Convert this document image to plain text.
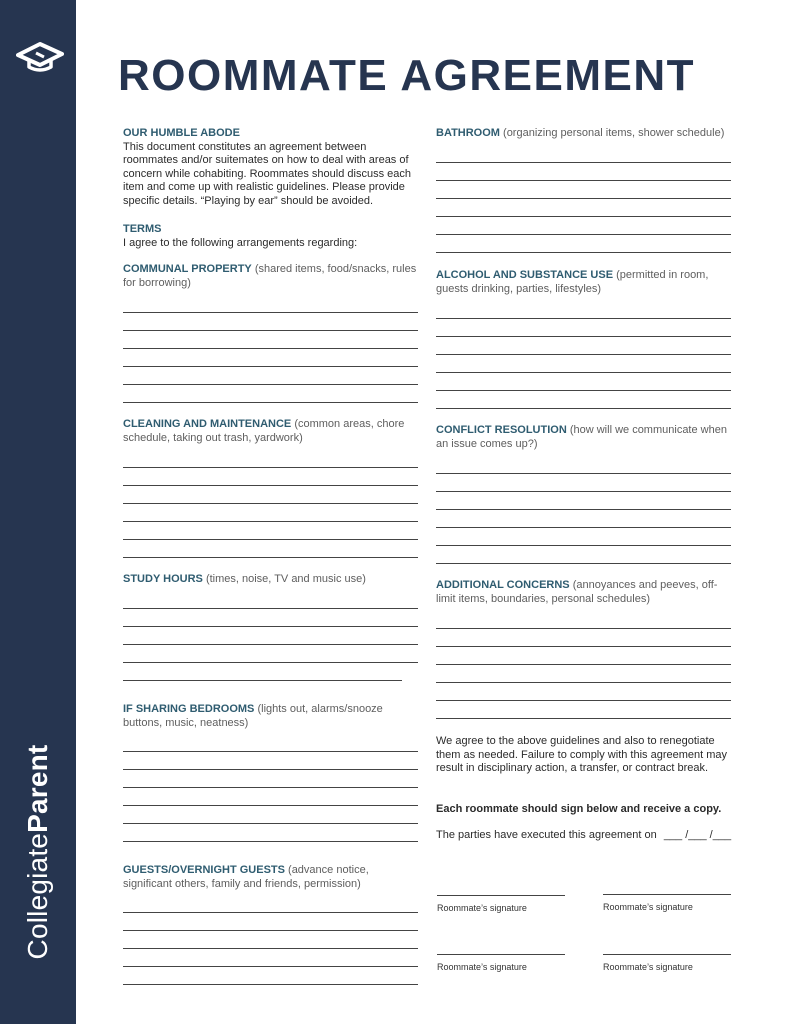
CollegiateParent
ROOMMATE AGREEMENT
OUR HUMBLE ABODE
This document constitutes an agreement between roommates and/or suitemates on how to deal with areas of concern while cohabiting. Roommates should discuss each item and come up with realistic guidelines. Please provide specific details. “Playing by ear” should be avoided.
TERMS
I agree to the following arrangements regarding:
COMMUNAL PROPERTY (shared items, food/snacks, rules for borrowing)
CLEANING AND MAINTENANCE (common areas, chore schedule, taking out trash, yardwork)
STUDY HOURS (times, noise, TV and music use)
IF SHARING BEDROOMS (lights out, alarms/snooze buttons, music, neatness)
GUESTS/OVERNIGHT GUESTS (advance notice, significant others, family and friends, permission)
BATHROOM (organizing personal items, shower schedule)
ALCOHOL AND SUBSTANCE USE (permitted in room, guests drinking, parties, lifestyles)
CONFLICT RESOLUTION (how will we communicate when an issue comes up?)
ADDITIONAL CONCERNS (annoyances and peeves, off-limit items, boundaries, personal schedules)
We agree to the above guidelines and also to renegotiate them as needed. Failure to comply with this agreement may result in disciplinary action, a transfer, or contract break.
Each roommate should sign below and receive a copy.
The parties have executed this agreement on ___ /___ /___
Roommate’s signature	Roommate’s signature
Roommate’s signature	Roommate’s signature
